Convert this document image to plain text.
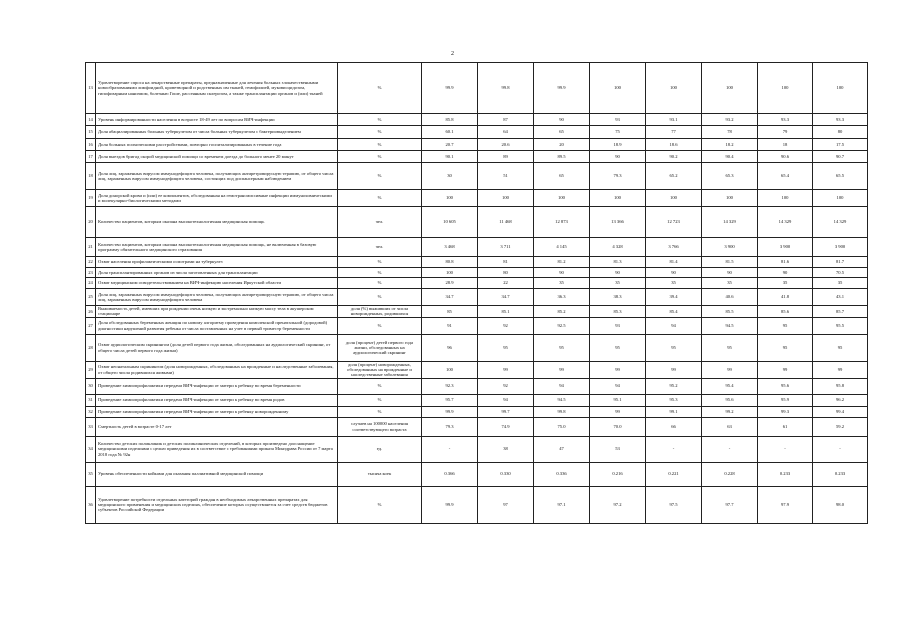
2
13	Удовлетворение спроса на лекарственные препараты, предназначенные для лечения больных злокачественными новообразованиями лимфоидной, кроветворной и родственных им тканей, гемофилией, муковисцидозом, гипофизарным нанизмом, болезнью Гоше, рассеянным склерозом, а также трансплантации органов и (или) тканей	%	99.9	99.8	99.9	100	100	100	100	100
14	Уровень информированности населения в возрасте 18-49 лет по вопросам ВИЧ-инфекции	%	85.8	87	90	93	93.1	93.2	93.3	93.3
15	Доля абациллированных больных туберкулезом от числа больных туберкулезом с бактериовыделением	%	60.1	64	65	75	77	78	79	80
16	Доля больных психическими расстройствами, повторно госпитализированных в течение года	%	20.7	20.6	20	18.9	18.6	18.2	18	17.5
17	Доля выездов бригад скорой медицинской помощи со временем доезда до больного менее 20 минут	%	90.1	89	89.5	90	90.2	90.4	90.6	90.7
18	Доля лиц, зараженных вирусом иммунодефицита человека, получающих антиретровирусную терапию, от общего числа лиц, зараженных вирусом иммунодефицита человека, состоящих под диспансерным наблюдением	%	30	51	65	79.3	65.2	65.3	65.4	65.5
19	Доля донорской крови и (или) ее компонентов, обследованная на гемотрансмиссивные инфекции иммунохимическими и молекулярно-биологическими методами	%	100	100	100	100	100	100	100	100
20	Количество пациентов, которым оказана высокотехнологичная медицинская помощь	чел.	10 605	11 468	12 873	13 366	12 723	14 329	14 329	14 329
21	Количество пациентов, которым оказана высокотехнологичная медицинская помощь, не включенная в базовую программу обязательного медицинского страхования	чел.	3 468	3 711	4 145	4 328	3 766	3 900	3 900	3 900
22	Охват населения профилактическими осмотрами на туберкулез	%	80.8	81	81.2	81.3	81.4	81.5	81.6	81.7
23	Доля трансплантированных органов из числа заготовленных для трансплантации	%	100	80	90	90	90	90	90	70.5
24	Охват медицинским освидетельствованием на ВИЧ-инфекцию населения Иркутской области	%	28.9	22	35	35	35	35	35	35
25	Доля лиц, зараженных вирусом иммунодефицита человека, получающих антиретровирусную терапию, от общего числа лиц, зараженных вирусом иммунодефицита человека	%	34.7	34.7	36.3	38.3	39.4	40.6	41.8	43.1
26	Выживаемость детей, имевших при рождении очень низкую и экстремально низкую массу тела в акушерском стационаре	доля (%) выживших от числа новорожденных, родившихся	85	85.1	85.2	85.3	85.4	85.5	85.6	85.7
27	Доля обследованных беременных женщин по новому алгоритму проведения комплексной пренатальной (дородовой) диагностики нарушений развития ребенка от числа поставленных на учет в первый триместр беременности	%	91	92	92.5	93	94	94.5	95	95.5
28	Охват аудиологическим скринингом (доля детей первого года жизни, обследованных на аудиологический скрининг, от общего числа детей первого года жизни)	доля (процент) детей первого года жизни, обследованных на аудиологический скрининг	96	95	95	95	95	95	95	95
29	Охват неонатальным скринингом (доля новорожденных, обследованных на врожденные и наследственные заболевания, от общего числа родившихся живыми)	доля (процент) новорожденных, обследованных на врожденные и наследственные заболевания	100	99	99	99	99	99	99	99
30	Проведение химиопрофилактики передачи ВИЧ-инфекции от матери к ребенку во время беременности	%	92.3	92	94	94	95.2	95.4	95.6	95.8
31	Проведение химиопрофилактики передачи ВИЧ-инфекции от матери к ребенку во время родов	%	95.7	94	94.5	95.1	95.3	95.6	95.9	96.2
32	Проведение химиопрофилактики передачи ВИЧ-инфекции от матери к ребенку новорожденному	%	99.9	99.7	99.8	99	99.1	99.2	99.3	99.4
33	Смертность детей в возрасте 0-17 лет	случаев на 100000 населения соответствующего возраста	79.3	74.9	75.0	70.0	66	63	61	59.2
34	Количество детских поликлиник и детских поликлинических отделений, в которых произведено дооснащение медицинскими изделиями с целью приведения их в соответствие с требованиями приказа Минздрава России от 7 марта 2018 года № 92н	ед.	-	38	47	53	-	-	-	-
35	Уровень обеспеченности койками для оказания паллиативной медицинской помощи	тысяча коек	0.366	0.330	0.336	0.216	0.221	0.228	0.233	0.233
36	Удовлетворение потребности отдельных категорий граждан в необходимых лекарственных препаратах для медицинского применения и медицинских изделиях, обеспечение которых осуществляется за счет средств бюджетов субъектов Российской Федерации	%	99.9	97	97.1	97.2	97.5	97.7	97.9	98.0
